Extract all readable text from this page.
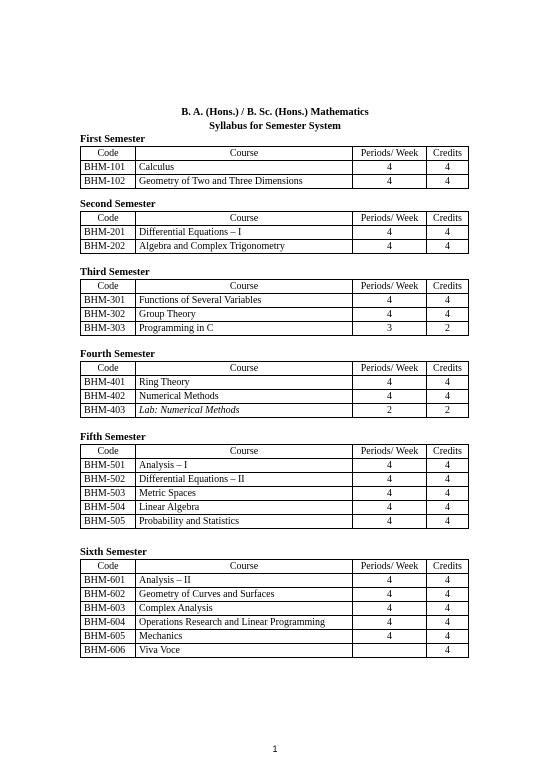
B. A. (Hons.) / B. Sc. (Hons.) Mathematics
Syllabus for Semester System
First Semester
Code	Course	Periods/ Week	Credits
BHM-101	Calculus	4	4
BHM-102	Geometry of Two and Three Dimensions	4	4
Second Semester
Code	Course	Periods/ Week	Credits
BHM-201	Differential Equations – I	4	4
BHM-202	Algebra and Complex Trigonometry	4	4
Third Semester
Code	Course	Periods/ Week	Credits
BHM-301	Functions of Several Variables	4	4
BHM-302	Group Theory	4	4
BHM-303	Programming in C	3	2
Fourth Semester
Code	Course	Periods/ Week	Credits
BHM-401	Ring Theory	4	4
BHM-402	Numerical Methods	4	4
BHM-403	Lab: Numerical Methods	2	2
Fifth Semester
Code	Course	Periods/ Week	Credits
BHM-501	Analysis – I	4	4
BHM-502	Differential Equations – II	4	4
BHM-503	Metric Spaces	4	4
BHM-504	Linear Algebra	4	4
BHM-505	Probability and Statistics	4	4
Sixth Semester
Code	Course	Periods/ Week	Credits
BHM-601	Analysis – II	4	4
BHM-602	Geometry of Curves and Surfaces	4	4
BHM-603	Complex Analysis	4	4
BHM-604	Operations Research and Linear Programming	4	4
BHM-605	Mechanics	4	4
BHM-606	Viva Voce		4
1
